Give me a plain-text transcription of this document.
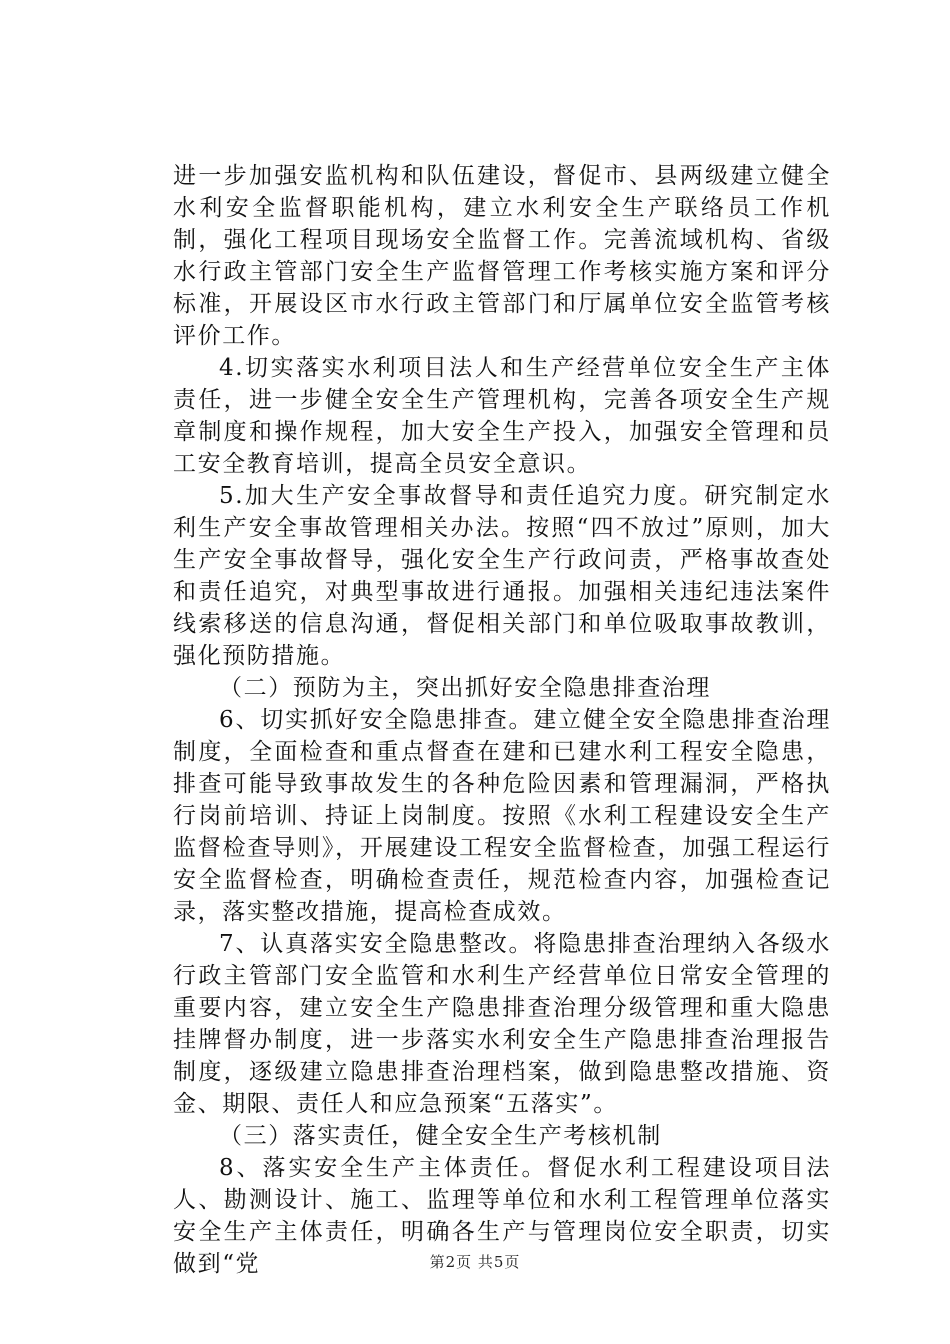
进一步加强安监机构和队伍建设，督促市、县两级建立健全水利安全监督职能机构，建立水利安全生产联络员工作机制，强化工程项目现场安全监督工作。完善流域机构、省级水行政主管部门安全生产监督管理工作考核实施方案和评分标准，开展设区市水行政主管部门和厅属单位安全监管考核评价工作。

4.切实落实水利项目法人和生产经营单位安全生产主体责任，进一步健全安全生产管理机构，完善各项安全生产规章制度和操作规程，加大安全生产投入，加强安全管理和员工安全教育培训，提高全员安全意识。

5.加大生产安全事故督导和责任追究力度。研究制定水利生产安全事故管理相关办法。按照“四不放过”原则，加大生产安全事故督导，强化安全生产行政问责，严格事故查处和责任追究，对典型事故进行通报。加强相关违纪违法案件线索移送的信息沟通，督促相关部门和单位吸取事故教训，强化预防措施。

（二）预防为主，突出抓好安全隐患排查治理

6、切实抓好安全隐患排查。建立健全安全隐患排查治理制度，全面检查和重点督查在建和已建水利工程安全隐患，排查可能导致事故发生的各种危险因素和管理漏洞，严格执行岗前培训、持证上岗制度。按照《水利工程建设安全生产监督检查导则》，开展建设工程安全监督检查，加强工程运行安全监督检查，明确检查责任，规范检查内容，加强检查记录，落实整改措施，提高检查成效。

7、认真落实安全隐患整改。将隐患排查治理纳入各级水行政主管部门安全监管和水利生产经营单位日常安全管理的重要内容，建立安全生产隐患排查治理分级管理和重大隐患挂牌督办制度，进一步落实水利安全生产隐患排查治理报告制度，逐级建立隐患排查治理档案，做到隐患整改措施、资金、期限、责任人和应急预案“五落实”。

（三）落实责任，健全安全生产考核机制

8、落实安全生产主体责任。督促水利工程建设项目法人、勘测设计、施工、监理等单位和水利工程管理单位落实安全生产主体责任，明确各生产与管理岗位安全职责，切实做到“党	第2页 共5页
